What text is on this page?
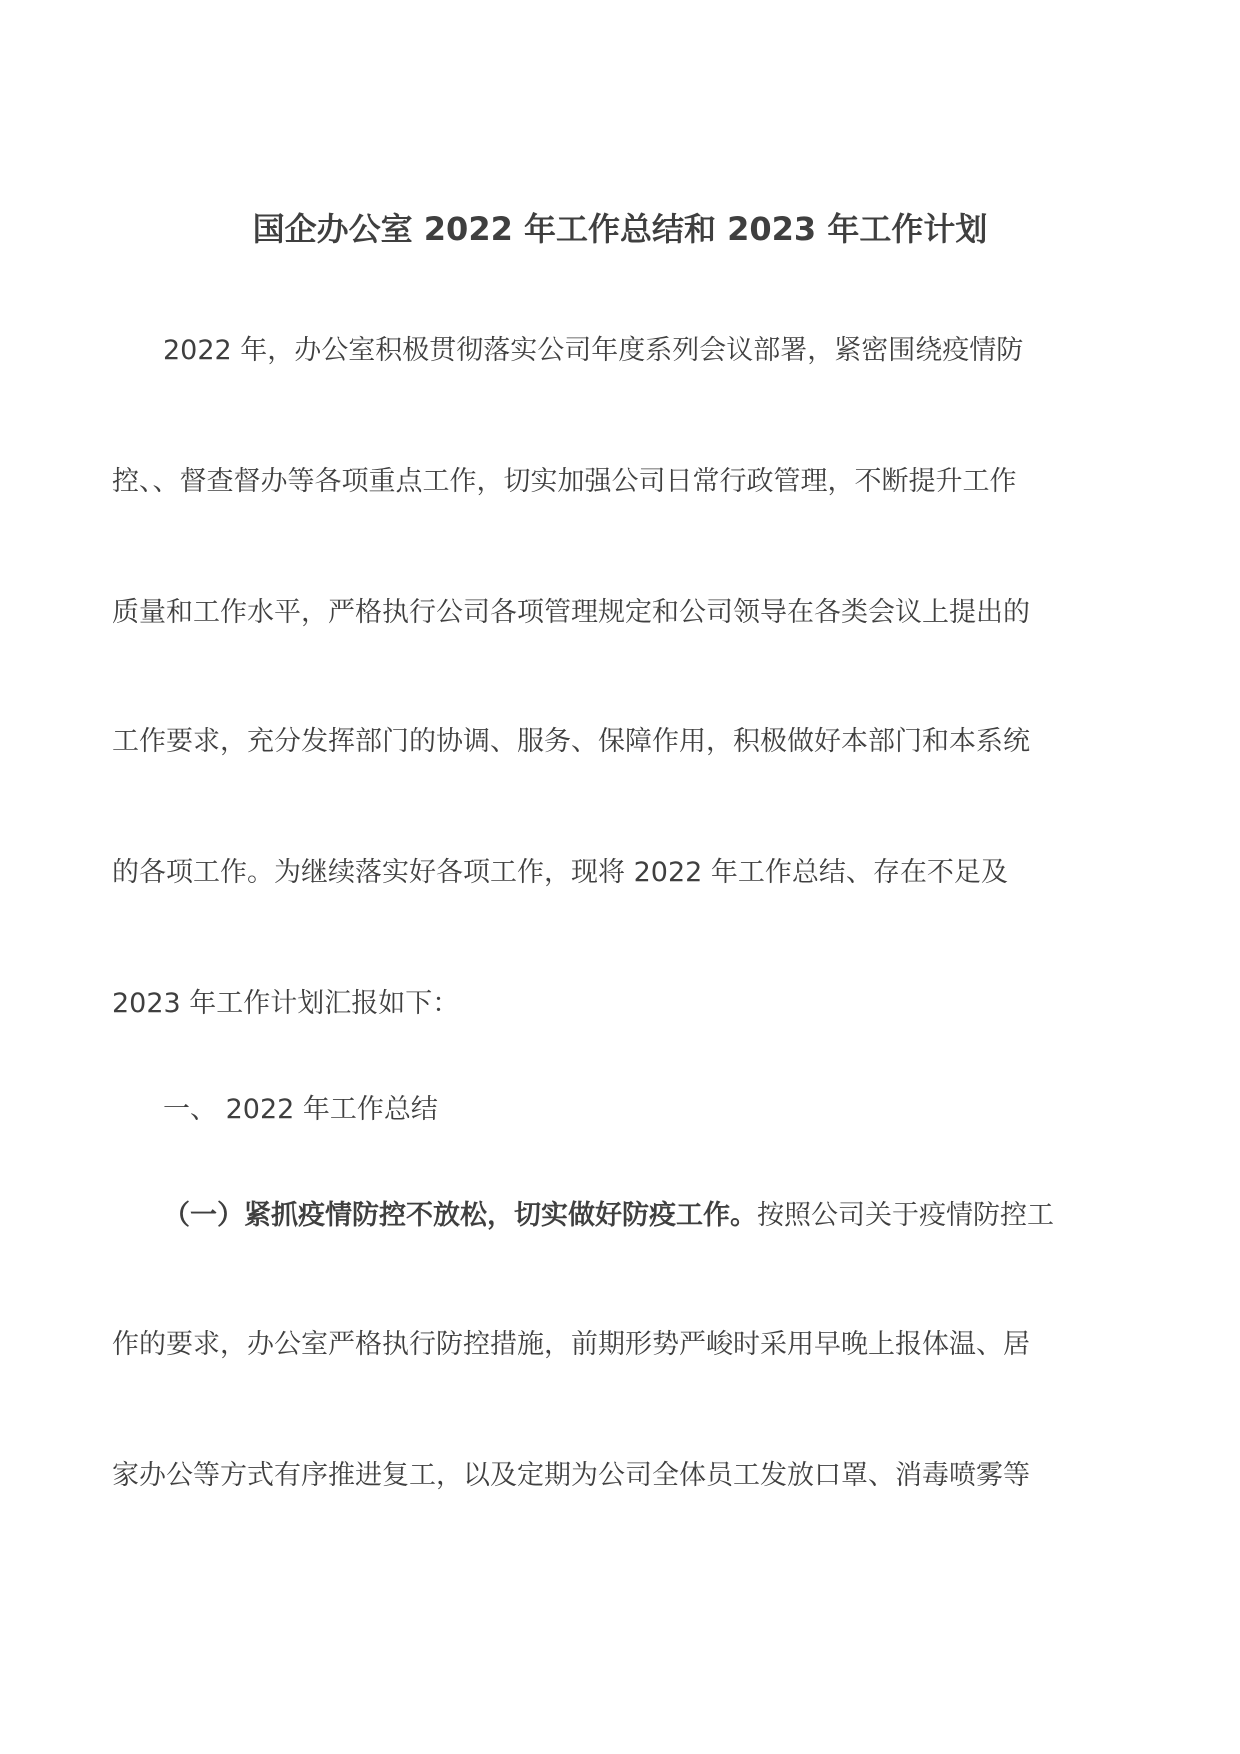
国企办公室 2022 年工作总结和 2023 年工作计划
2022 年，办公室积极贯彻落实公司年度系列会议部署，紧密围绕疫情防
控、、督查督办等各项重点工作，切实加强公司日常行政管理，不断提升工作
质量和工作水平，严格执行公司各项管理规定和公司领导在各类会议上提出的
工作要求，充分发挥部门的协调、服务、保障作用，积极做好本部门和本系统
的各项工作。为继续落实好各项工作，现将 2022 年工作总结、存在不足及
2023 年工作计划汇报如下：
一、 2022 年工作总结
（一）紧抓疫情防控不放松，切实做好防疫工作。按照公司关于疫情防控工
作的要求，办公室严格执行防控措施，前期形势严峻时采用早晚上报体温、居
家办公等方式有序推进复工，以及定期为公司全体员工发放口罩、消毒喷雾等
